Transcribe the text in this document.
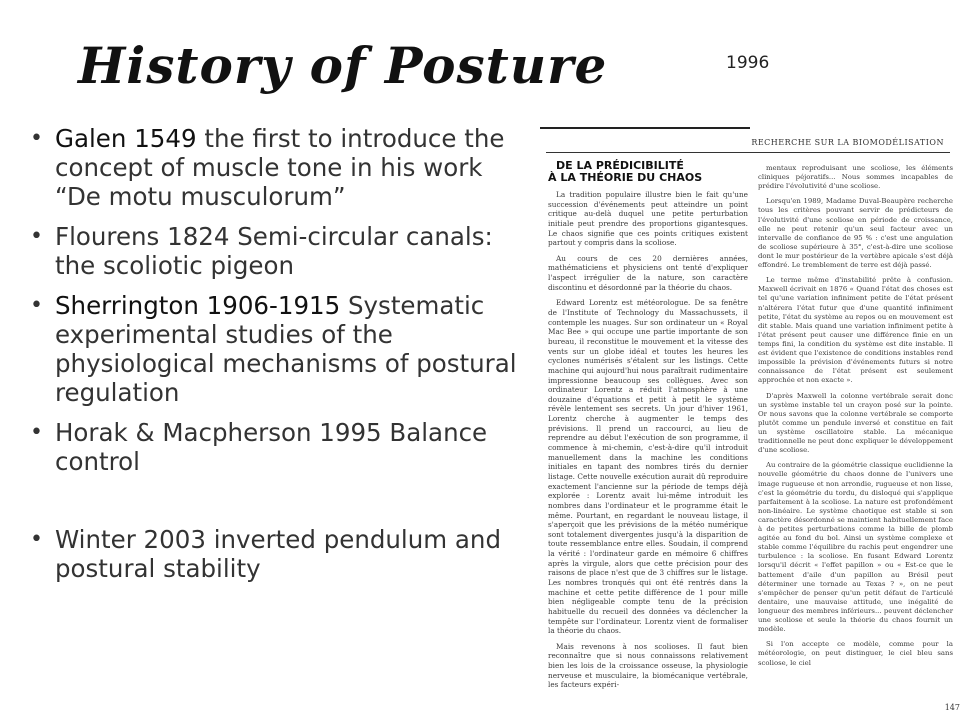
History of Posture	1996
• Galen 1549 the first to introduce the concept of muscle tone in his work “De motu musculorum”
• Flourens 1824 Semi-circular canals: the scoliotic pigeon
• Sherrington 1906-1915 Systematic experimental studies of the physiological mechanisms of postural regulation
• Horak & Macpherson 1995 Balance control
• Winter 2003 inverted pendulum and postural stability
RECHERCHE SUR LA BIOMODÉLISATION

DE LA PRÉDICIBILITÉ
À LA THÉORIE DU CHAOS

La tradition populaire illustre bien le fait qu'une succession d'événements peut atteindre un point critique au-delà duquel une petite perturbation initiale peut prendre des proportions gigantesques. Le chaos signifie que ces points critiques existent partout y compris dans la scoliose.

Au cours de ces 20 dernières années, mathématiciens et physiciens ont tenté d'expliquer l'aspect irrégulier de la nature, son caractère discontinu et désordonné par la théorie du chaos.

Edward Lorentz est météorologue. De sa fenêtre de l'Institute of Technology du Massachussets, il contemple les nuages. Sur son ordinateur un « Royal Mac Bee » qui occupe une partie importante de son bureau, il reconstitue le mouvement et la vitesse des vents sur un globe idéal et toutes les heures les cyclones numérisés s'étalent sur les listings. Cette machine qui aujourd'hui nous paraîtrait rudimentaire impressionne beaucoup ses collègues. Avec son ordinateur Lorentz a réduit l'atmosphère à une douzaine d'équations et petit à petit le système révèle lentement ses secrets. Un jour d'hiver 1961, Lorentz cherche à augmenter le temps des prévisions. Il prend un raccourci, au lieu de reprendre au début l'exécution de son programme, il commence à mi-chemin, c'est-à-dire qu'il introduit manuellement dans la machine les conditions initiales en tapant des nombres tirés du dernier listage. Cette nouvelle exécution aurait dû reproduire exactement l'ancienne sur la période de temps déjà explorée : Lorentz avait lui-même introduit les nombres dans l'ordinateur et le programme était le même. Pourtant, en regardant le nouveau listage, il s'aperçoit que les prévisions de la météo numérique sont totalement divergentes jusqu'à la disparition de toute ressemblance entre elles. Soudain, il comprend la vérité : l'ordinateur garde en mémoire 6 chiffres après la virgule, alors que cette précision pour des raisons de place n'est que de 3 chiffres sur le listage. Les nombres tronqués qui ont été rentrés dans la machine et cette petite différence de 1 pour mille bien négligeable compte tenu de la précision habituelle du recueil des données va déclencher la tempête sur l'ordinateur. Lorentz vient de formaliser la théorie du chaos.

Mais revenons à nos scolioses. Il faut bien reconnaître que si nous connaissons relativement bien les lois de la croissance osseuse, la physiologie nerveuse et musculaire, la biomécanique vertébrale, les facteurs expéri-

mentaux reproduisant une scoliose, les éléments cliniques péjoratifs... Nous sommes incapables de prédire l'évolutivité d'une scoliose.

Lorsqu'en 1989, Madame Duval-Beaupère recherche tous les critères pouvant servir de prédicteurs de l'évolutivité d'une scoliose en période de croissance, elle ne peut retenir qu'un seul facteur avec un intervalle de confiance de 95 % : c'est une angulation de scoliose supérieure à 35°, c'est-à-dire une scoliose dont le mur postérieur de la vertèbre apicale s'est déjà effondré. Le tremblement de terre est déjà passé.

Le terme même d'instabilité prête à confusion. Maxwell écrivait en 1876 « Quand l'état des choses est tel qu'une variation infiniment petite de l'état présent n'altérera l'état futur que d'une quantité infiniment petite, l'état du système au repos ou en mouvement est dit stable. Mais quand une variation infiniment petite à l'état présent peut causer une différence finie en un temps fini, la condition du système est dite instable. Il est évident que l'existence de conditions instables rend impossible la prévision d'événements futurs si notre connaissance de l'état présent est seulement approchée et non exacte ».

D'après Maxwell la colonne vertébrale serait donc un système instable tel un crayon posé sur la pointe. Or nous savons que la colonne vertébrale se comporte plutôt comme un pendule inversé et constitue en fait un système oscillatoire stable. La mécanique traditionnelle ne peut donc expliquer le développement d'une scoliose.

Au contraire de la géométrie classique euclidienne la nouvelle géométrie du chaos donne de l'univers une image rugueuse et non arrondie, rugueuse et non lisse, c'est la géométrie du tordu, du disloqué qui s'applique parfaitement à la scoliose. La nature est profondément non-linéaire. Le système chaotique est stable si son caractère désordonné se maintient habituellement face à de petites perturbations comme la bille de plomb agitée au fond du bol. Ainsi un système complexe et stable comme l'équilibre du rachis peut engendrer une turbulence : la scoliose. En fusant Edward Lorentz lorsqu'il décrit « l'effet papillon » ou « Est-ce que le battement d'aile d'un papillon au Brésil peut déterminer une tornade au Texas ? », on ne peut s'empêcher de penser qu'un petit défaut de l'articulé dentaire, une mauvaise attitude, une inégalité de longueur des membres inférieurs... peuvent déclencher une scoliose et seule la théorie du chaos fournit un modèle.

Si l'on accepte ce modèle, comme pour la météorologie, on peut distinguer, le ciel bleu sans scoliose, le ciel

147
